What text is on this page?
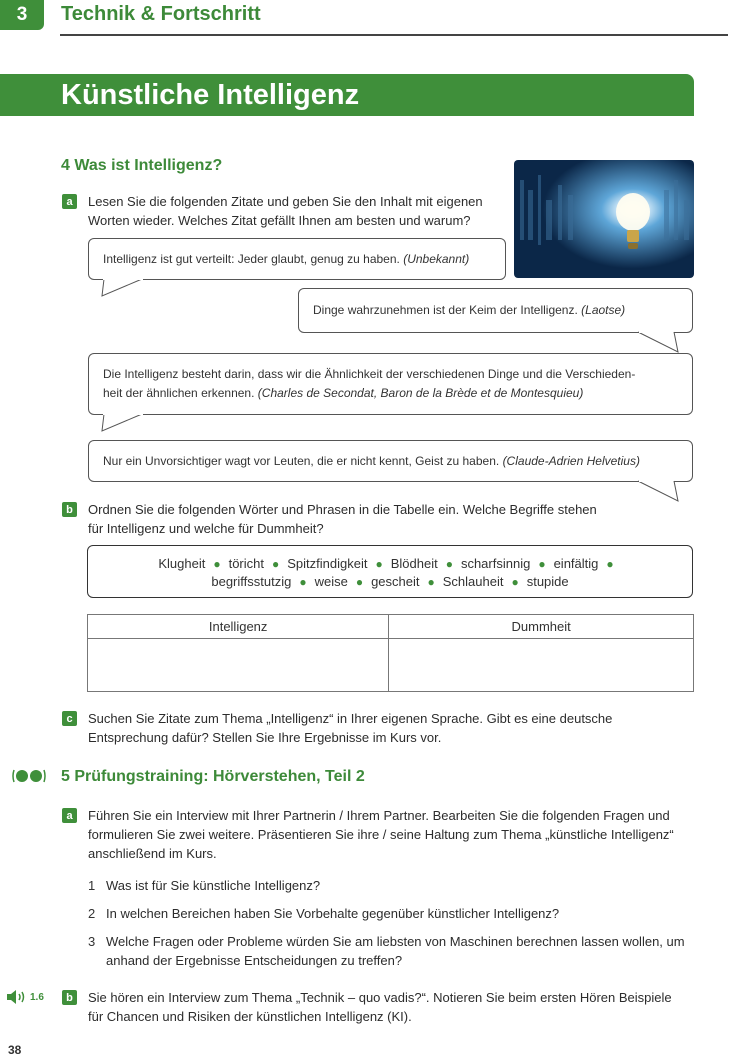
3	Technik & Fortschritt
Künstliche Intelligenz
4 Was ist Intelligenz?
a	Lesen Sie die folgenden Zitate und geben Sie den Inhalt mit eigenen
Worten wieder. Welches Zitat gefällt Ihnen am besten und warum?
Intelligenz ist gut verteilt: Jeder glaubt, genug zu haben. (Unbekannt)
Dinge wahrzunehmen ist der Keim der Intelligenz. (Laotse)
Die Intelligenz besteht darin, dass wir die Ähnlichkeit der verschiedenen Dinge und die Verschieden-
heit der ähnlichen erkennen. (Charles de Secondat, Baron de la Brède et de Montesquieu)
Nur ein Unvorsichtiger wagt vor Leuten, die er nicht kennt, Geist zu haben. (Claude-Adrien Helvetius)
b	Ordnen Sie die folgenden Wörter und Phrasen in die Tabelle ein. Welche Begriffe stehen
für Intelligenz und welche für Dummheit?
Klugheit ● töricht ● Spitzfindigkeit ● Blödheit ● scharfsinnig ● einfältig ●
begriffsstutzig ● weise ● gescheit ● Schlauheit ● stupide
Intelligenz	Dummheit

c	Suchen Sie Zitate zum Thema „Intelligenz“ in Ihrer eigenen Sprache. Gibt es eine deutsche
Entsprechung dafür? Stellen Sie Ihre Ergebnisse im Kurs vor.
5 Prüfungstraining: Hörverstehen, Teil 2
a	Führen Sie ein Interview mit Ihrer Partnerin / Ihrem Partner. Bearbeiten Sie die folgenden Fragen und
formulieren Sie zwei weitere. Präsentieren Sie ihre / seine Haltung zum Thema „künstliche Intelligenz“
anschließend im Kurs.
1 Was ist für Sie künstliche Intelligenz?
2 In welchen Bereichen haben Sie Vorbehalte gegenüber künstlicher Intelligenz?
3 Welche Fragen oder Probleme würden Sie am liebsten von Maschinen berechnen lassen wollen, um
anhand der Ergebnisse Entscheidungen zu treffen?
1.6	b	Sie hören ein Interview zum Thema „Technik – quo vadis?“. Notieren Sie beim ersten Hören Beispiele
für Chancen und Risiken der künstlichen Intelligenz (KI).
38
